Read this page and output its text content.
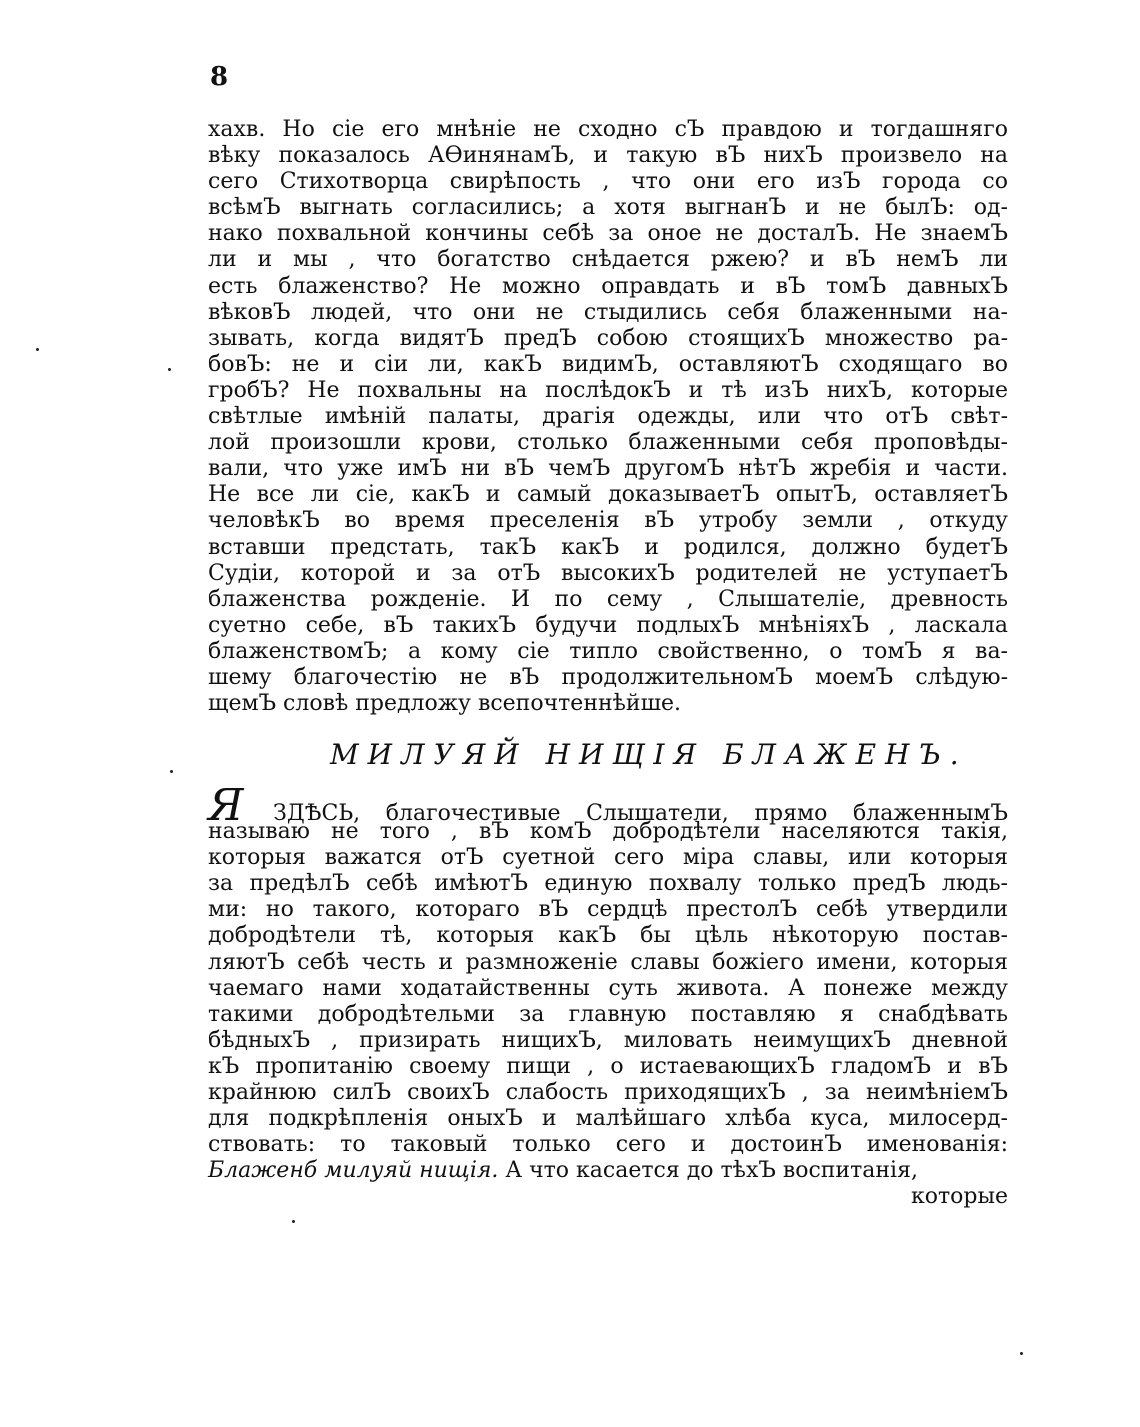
8
хахв. Но сіе его мнѣніе не сходно сЪ правдою и тогдашняго
вѣку показалось АѲинянамЪ, и такую вЪ нихЪ произвело на
сего Стихотворца свирѣпость , что они его изЪ города со
всѣмЪ выгнать согласились; а хотя выгнанЪ и не былЪ: од-
нако похвальной кончины себѣ за оное не досталЪ. Не знаемЪ
ли и мы , что богатство снѣдается ржею? и вЪ немЪ ли
есть блаженство? Не можно оправдать и вЪ томЪ давныхЪ
вѣковЪ людей, что они не стыдились себя блаженными на-
зывать, когда видятЪ предЪ собою стоящихЪ множество ра-
бовЪ: не и сіи ли, какЪ видимЪ, оставляютЪ сходящаго во
гробЪ? Не похвальны на послѣдокЪ и тѣ изЪ нихЪ, которые
свѣтлые имѣній палаты, драгія одежды, или что отЪ свѣт-
лой произошли крови, столько блаженными себя проповѣды-
вали, что уже имЪ ни вЪ чемЪ другомЪ нѣтЪ жребія и части.
Не все ли сіе, какЪ и самый доказываетЪ опытЪ, оставляетЪ
человѣкЪ во время преселенія вЪ утробу земли , откуду
вставши предстать, такЪ какЪ и родился, должно будетЪ
Судіи, которой и за отЪ высокихЪ родителей не уступаетЪ
блаженства рожденіе. И по сему , Слышателіе, древность
суетно себе, вЪ такихЪ будучи подлыхЪ мнѣніяхЪ , ласкала
блаженствомЪ; а кому сіе типло свойственно, о томЪ я ва-
шему благочестію не вЪ продолжительномЪ моемЪ слѣдую-
щемЪ словѣ предложу всепочтеннѣйше.
МИЛУЯЙ НИЩІЯ БЛАЖЕНЪ.
Я ЗДѢСЬ, благочестивые Слышатели, прямо блаженнымЪ
называю не того , вЪ комЪ добродѣтели населяются такія,
которыя важатся отЪ суетной сего міра славы, или которыя
за предѣлЪ себѣ имѣютЪ единую похвалу только предЪ людь-
ми: но такого, котораго вЪ сердцѣ престолЪ себѣ утвердили
добродѣтели тѣ, которыя какЪ бы цѣль нѣкоторую постав-
ляютЪ себѣ честь и размноженіе славы божіего имени, которыя
чаемаго нами ходатайственны суть живота. А понеже между
такими добродѣтельми за главную поставляю я снабдѣвать
бѣдныхЪ , призирать нищихЪ, миловать неимущихЪ дневной
кЪ пропитанію своему пищи , о истаевающихЪ гладомЪ и вЪ
крайнюю силЪ своихЪ слабость приходящихЪ , за неимѣніемЪ
для подкрѣпленія оныхЪ и малѣйшаго хлѣба куса, милосерд-
ствовать: то таковый только сего и достоинЪ именованія:
Блаженб милуяй нищія. А что касается до тѣхЪ воспитанія,
которые
